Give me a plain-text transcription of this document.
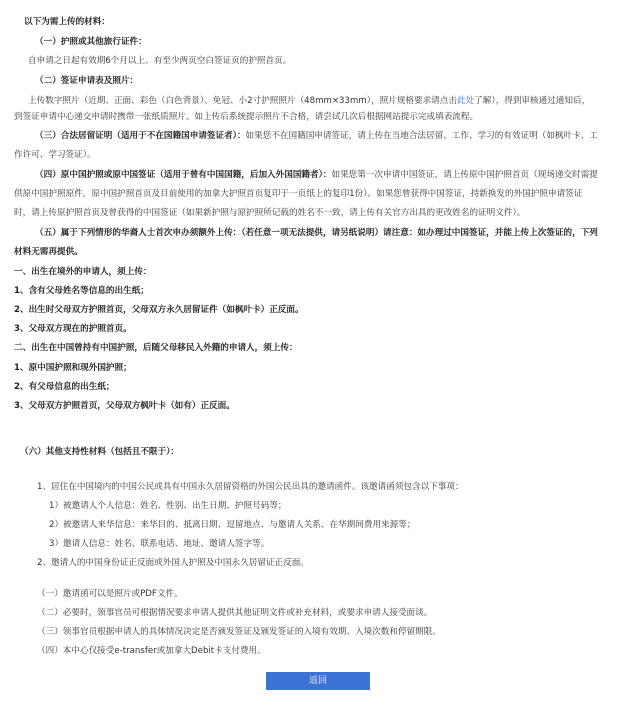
以下为需上传的材料：
（一）护照或其他旅行证件：
自申请之日起有效期6个月以上、有至少两页空白签证页的护照首页。
（二）签证申请表及照片：
上传数字照片（近期、正面、彩色（白色背景）、免冠、小2寸护照照片（48mm×33mm），照片规格要求请点击此处了解），得到审核通过通知后，
到签证申请中心递交申请时携带一张纸质照片。如上传后系统提示照片不合格，请尝试几次后根据网站提示完成填表流程。
（三）合法居留证明（适用于不在国籍国申请签证者）：如果您不在国籍国申请签证，请上传在当地合法居留、工作、学习的有效证明（如枫叶卡、工
作许可、学习签证）。
（四）原中国护照或原中国签证（适用于曾有中国国籍，后加入外国国籍者）：如果您第一次申请中国签证，请上传原中国护照首页（现场递交时需提
供原中国护照原件，原中国护照首页及目前使用的加拿大护照首页复印于一页纸上的复印1份）。如果您曾获得中国签证，持新换发的外国护照申请签证
时，请上传原护照首页及曾获得的中国签证（如果新护照与原护照所记载的姓名不一致，请上传有关官方出具的更改姓名的证明文件）。
（五）属于下列情形的华裔人士首次申办须额外上传：（若任意一项无法提供，请另纸说明）请注意：如办理过中国签证，并能上传上次签证的，下列
材料无需再提供。
一、出生在境外的申请人，须上传：
1、含有父母姓名等信息的出生纸；
2、出生时父母双方护照首页，父母双方永久居留证件（如枫叶卡）正反面。
3、父母双方现在的护照首页。
二、出生在中国曾持有中国护照，后随父母移民入外籍的申请人，须上传：
1、原中国护照和现外国护照；
2、有父母信息的出生纸；
3、父母双方护照首页，父母双方枫叶卡（如有）正反面。
（六）其他支持性材料（包括且不限于）：
1、居住在中国境内的中国公民或具有中国永久居留资格的外国公民出具的邀请函件。该邀请函须包含以下事项：
1）被邀请人个人信息：姓名、性别、出生日期、护照号码等；
2）被邀请人来华信息：来华目的、抵离日期、逗留地点、与邀请人关系、在华期间费用来源等；
3）邀请人信息：姓名、联系电话、地址、邀请人签字等。
2、邀请人的中国身份证正反面或外国人护照及中国永久居留证正反面。
（一）邀请函可以是照片或PDF文件。
（二）必要时，领事官员可根据情况要求申请人提供其他证明文件或补充材料，或要求申请人接受面谈。
（三）领事官员根据申请人的具体情况决定是否颁发签证及颁发签证的入境有效期、入境次数和停留期限。
（四）本中心仅接受e-transfer或加拿大Debit卡支付费用。
返回
